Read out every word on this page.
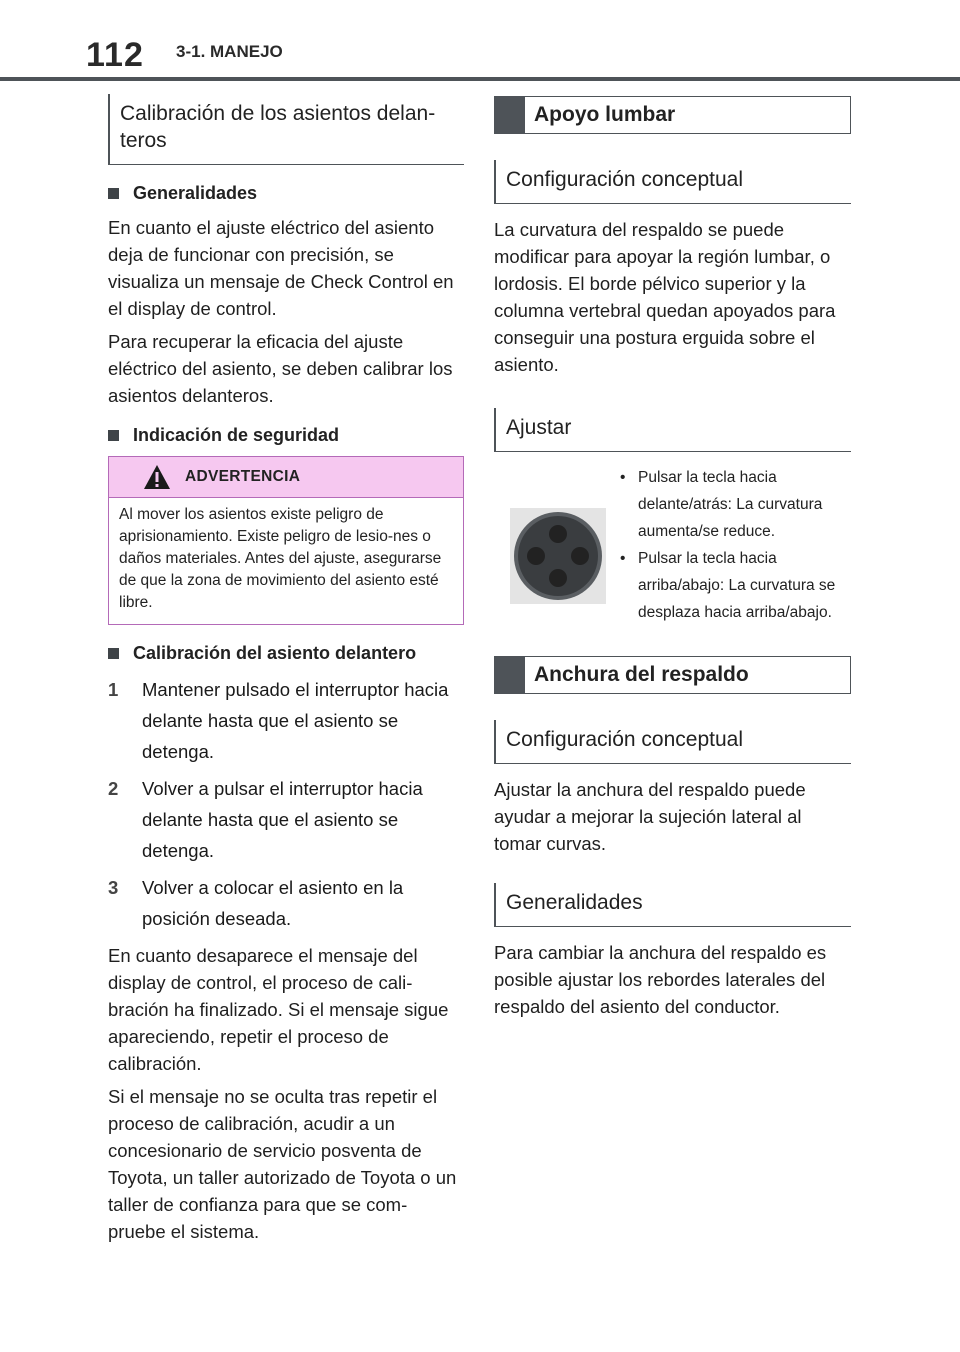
112 3-1. MANEJO
Calibración de los asientos delan-
teros
Generalidades

En cuanto el ajuste eléctrico del asiento deja de funcionar con precisión, se visualiza un mensaje de Check Control en el display de control.

Para recuperar la eficacia del ajuste eléctrico del asiento, se deben calibrar los asientos delanteros.

Indicación de seguridad
ADVERTENCIA
Al mover los asientos existe peligro de aprisionamiento. Existe peligro de lesio-nes o daños materiales. Antes del ajuste, asegurarse de que la zona de movimiento del asiento esté libre.
Calibración del asiento delantero
1	Mantener pulsado el interruptor hacia delante hasta que el asiento se detenga.
2	Volver a pulsar el interruptor hacia delante hasta que el asiento se detenga.
3	Volver a colocar el asiento en la posición deseada.

En cuanto desaparece el mensaje del display de control, el proceso de cali-bración ha finalizado. Si el mensaje sigue apareciendo, repetir el proceso de calibración.

Si el mensaje no se oculta tras repetir el proceso de calibración, acudir a un concesionario de servicio posventa de Toyota, un taller autorizado de Toyota o un taller de confianza para que se com-pruebe el sistema.

Apoyo lumbar
Configuración conceptual

La curvatura del respaldo se puede modificar para apoyar la región lumbar, o lordosis. El borde pélvico superior y la columna vertebral quedan apoyados para conseguir una postura erguida sobre el asiento.

Ajustar
• Pulsar la tecla hacia delante/atrás: La curvatura aumenta/se reduce.
• Pulsar la tecla hacia arriba/abajo: La curvatura se desplaza hacia arriba/abajo.
Anchura del respaldo
Configuración conceptual

Ajustar la anchura del respaldo puede ayudar a mejorar la sujeción lateral al tomar curvas.

Generalidades

Para cambiar la anchura del respaldo es posible ajustar los rebordes laterales del respaldo del asiento del conductor.
